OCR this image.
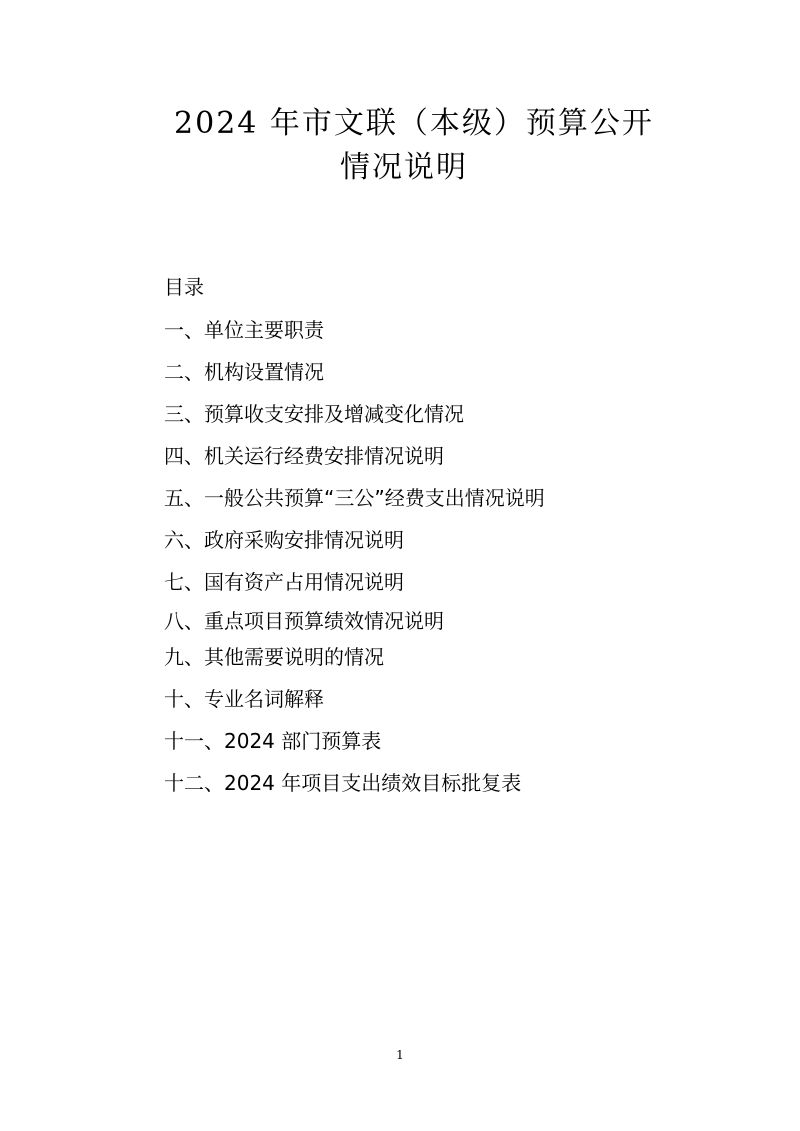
2024 年市文联（本级）预算公开
情况说明
目录
一、单位主要职责
二、机构设置情况
三、预算收支安排及增减变化情况
四、机关运行经费安排情况说明
五、一般公共预算“三公”经费支出情况说明
六、政府采购安排情况说明
七、国有资产占用情况说明
八、重点项目预算绩效情况说明
九、其他需要说明的情况
十、专业名词解释
十一、2024 部门预算表
十二、2024 年项目支出绩效目标批复表
1
